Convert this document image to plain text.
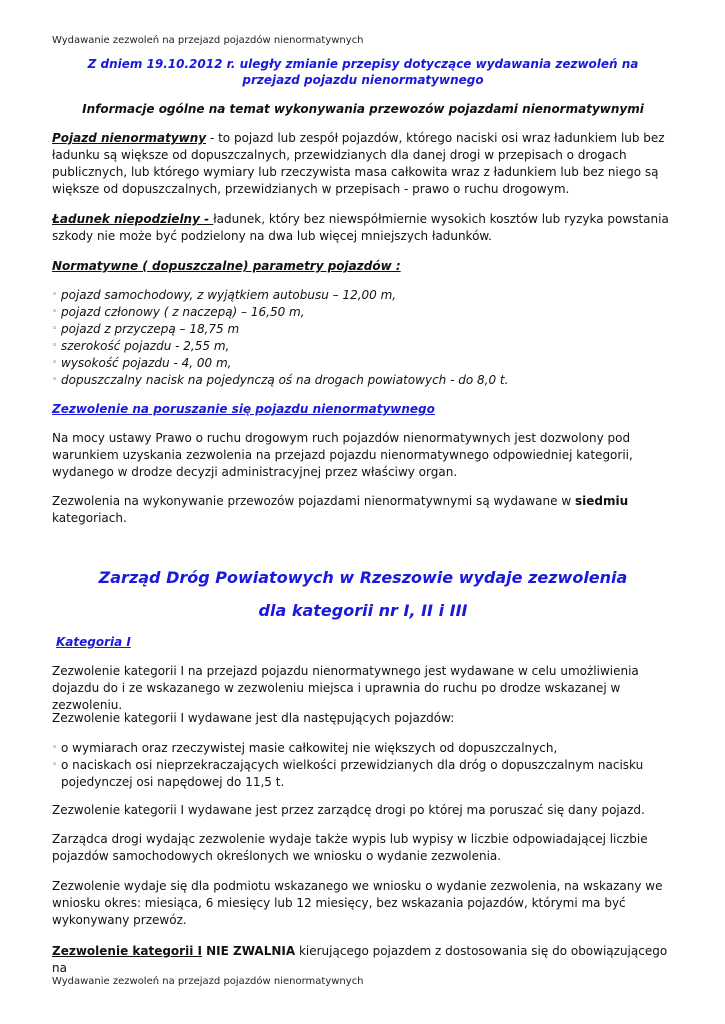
Wydawanie zezwoleń na przejazd pojazdów nienormatywnych

Z dniem 19.10.2012 r. uległy zmianie przepisy dotyczące wydawania zezwoleń na
przejazd pojazdu nienormatywnego

Informacje ogólne na temat wykonywania przewozów pojazdami nienormatywnymi

Pojazd nienormatywny - to pojazd lub zespół pojazdów, którego naciski osi wraz ładunkiem lub bez ładunku są większe od dopuszczalnych, przewidzianych dla danej drogi w przepisach o drogach publicznych, lub którego wymiary lub rzeczywista masa całkowita wraz z ładunkiem lub bez niego są większe od dopuszczalnych, przewidzianych w przepisach - prawo o ruchu drogowym.

Ładunek niepodzielny - ładunek, który bez niewspółmiernie wysokich kosztów lub ryzyka powstania szkody nie może być podzielony na dwa lub więcej mniejszych ładunków.

Normatywne ( dopuszczalne) parametry pojazdów :

◦ pojazd samochodowy, z wyjątkiem autobusu – 12,00 m,
◦ pojazd członowy ( z naczepą) – 16,50 m,
◦ pojazd z przyczepą – 18,75 m
◦ szerokość pojazdu - 2,55 m,
◦ wysokość pojazdu - 4, 00 m,
◦ dopuszczalny nacisk na pojedynczą oś na drogach powiatowych - do 8,0 t.

Zezwolenie na poruszanie się pojazdu nienormatywnego

Na mocy ustawy Prawo o ruchu drogowym ruch pojazdów nienormatywnych jest dozwolony pod warunkiem uzyskania zezwolenia na przejazd pojazdu nienormatywnego odpowiedniej kategorii, wydanego w drodze decyzji administracyjnej przez właściwy organ.

Zezwolenia na wykonywanie przewozów pojazdami nienormatywnymi są wydawane w siedmiu kategoriach.

Zarząd Dróg Powiatowych w Rzeszowie wydaje zezwolenia

dla kategorii nr I, II i III

Kategoria I

Zezwolenie kategorii I na przejazd pojazdu nienormatywnego jest wydawane w celu umożliwienia dojazdu do i ze wskazanego w zezwoleniu miejsca i uprawnia do ruchu po drodze wskazanej w zezwoleniu.

Zezwolenie kategorii I wydawane jest dla następujących pojazdów:

◦ o wymiarach oraz rzeczywistej masie całkowitej nie większych od dopuszczalnych,
◦ o naciskach osi nieprzekraczających wielkości przewidzianych dla dróg o dopuszczalnym nacisku pojedynczej osi napędowej do 11,5 t.

Zezwolenie kategorii I wydawane jest przez zarządcę drogi po której ma poruszać się dany pojazd.

Zarządca drogi wydając zezwolenie wydaje także wypis lub wypisy w liczbie odpowiadającej liczbie pojazdów samochodowych określonych we wniosku o wydanie zezwolenia.

Zezwolenie wydaje się dla podmiotu wskazanego we wniosku o wydanie zezwolenia, na wskazany we wniosku okres: miesiąca, 6 miesięcy lub 12 miesięcy, bez wskazania pojazdów, którymi ma być wykonywany przewóz.

Zezwolenie kategorii I NIE ZWALNIA kierującego pojazdem z dostosowania się do obowiązującego na

Wydawanie zezwoleń na przejazd pojazdów nienormatywnych
